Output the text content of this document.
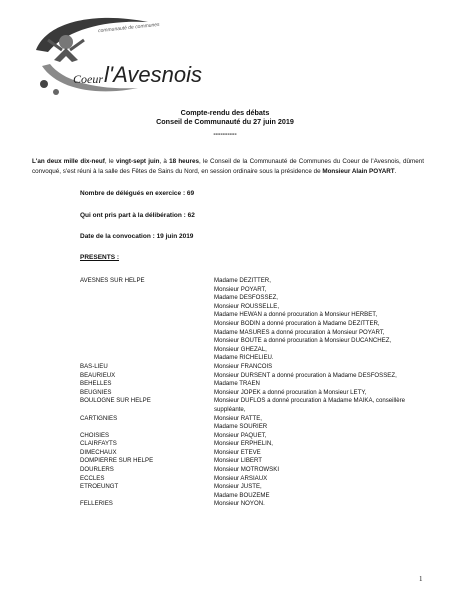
communauté de communes
Coeur l'Avesnois
Compte-rendu des débats
Conseil de Communauté du 27 juin 2019
----------
L'an deux mille dix-neuf, le vingt-sept juin, à 18 heures, le Conseil de la Communauté de Communes du Coeur de l'Avesnois, dûment convoqué, s'est réuni à la salle des Fêtes de Sains du Nord, en session ordinaire sous la présidence de Monsieur Alain POYART.
Nombre de délégués en exercice : 69
Qui ont pris part à la délibération : 62
Date de la convocation : 19 juin 2019
PRESENTS :
AVESNES SUR HELPE	Madame DEZITTER,
Monsieur POYART,
Madame DESFOSSEZ,
Monsieur ROUSSELLE,
Madame HEWAN a donné procuration à Monsieur HERBET,
Monsieur BODIN a donné procuration à Madame DEZITTER,
Madame MASURES a donné procuration à Monsieur POYART,
Monsieur BOUTE a donné procuration à Monsieur DUCANCHEZ,
Monsieur GHEZAL,
Madame RICHELIEU.
BAS-LIEU	Monsieur FRANCOIS
BEAURIEUX	Monsieur DURSENT a donné procuration à Madame DESFOSSEZ,
BEHELLES	Madame TRAEN
BEUGNIES	Monsieur JOPEK a donné procuration à Monsieur LETY,
BOULOGNE SUR HELPE	Monsieur DUFLOS a donné procuration à Madame MAIKA, conseillère suppléante,
CARTIGNIES	Monsieur RATTE,
Madame SOURIER
CHOISIES	Monsieur PAQUET,
CLAIRFAYTS	Monsieur ERPHELIN,
DIMECHAUX	Monsieur ETEVE
DOMPIERRE SUR HELPE	Monsieur LIBERT
DOURLERS	Monsieur MOTROWSKI
ECCLES	Monsieur ARSIAUX
ETROEUNGT	Monsieur JUSTE,
Madame BOUZEME
FELLERIES	Monsieur NOYON.
1
